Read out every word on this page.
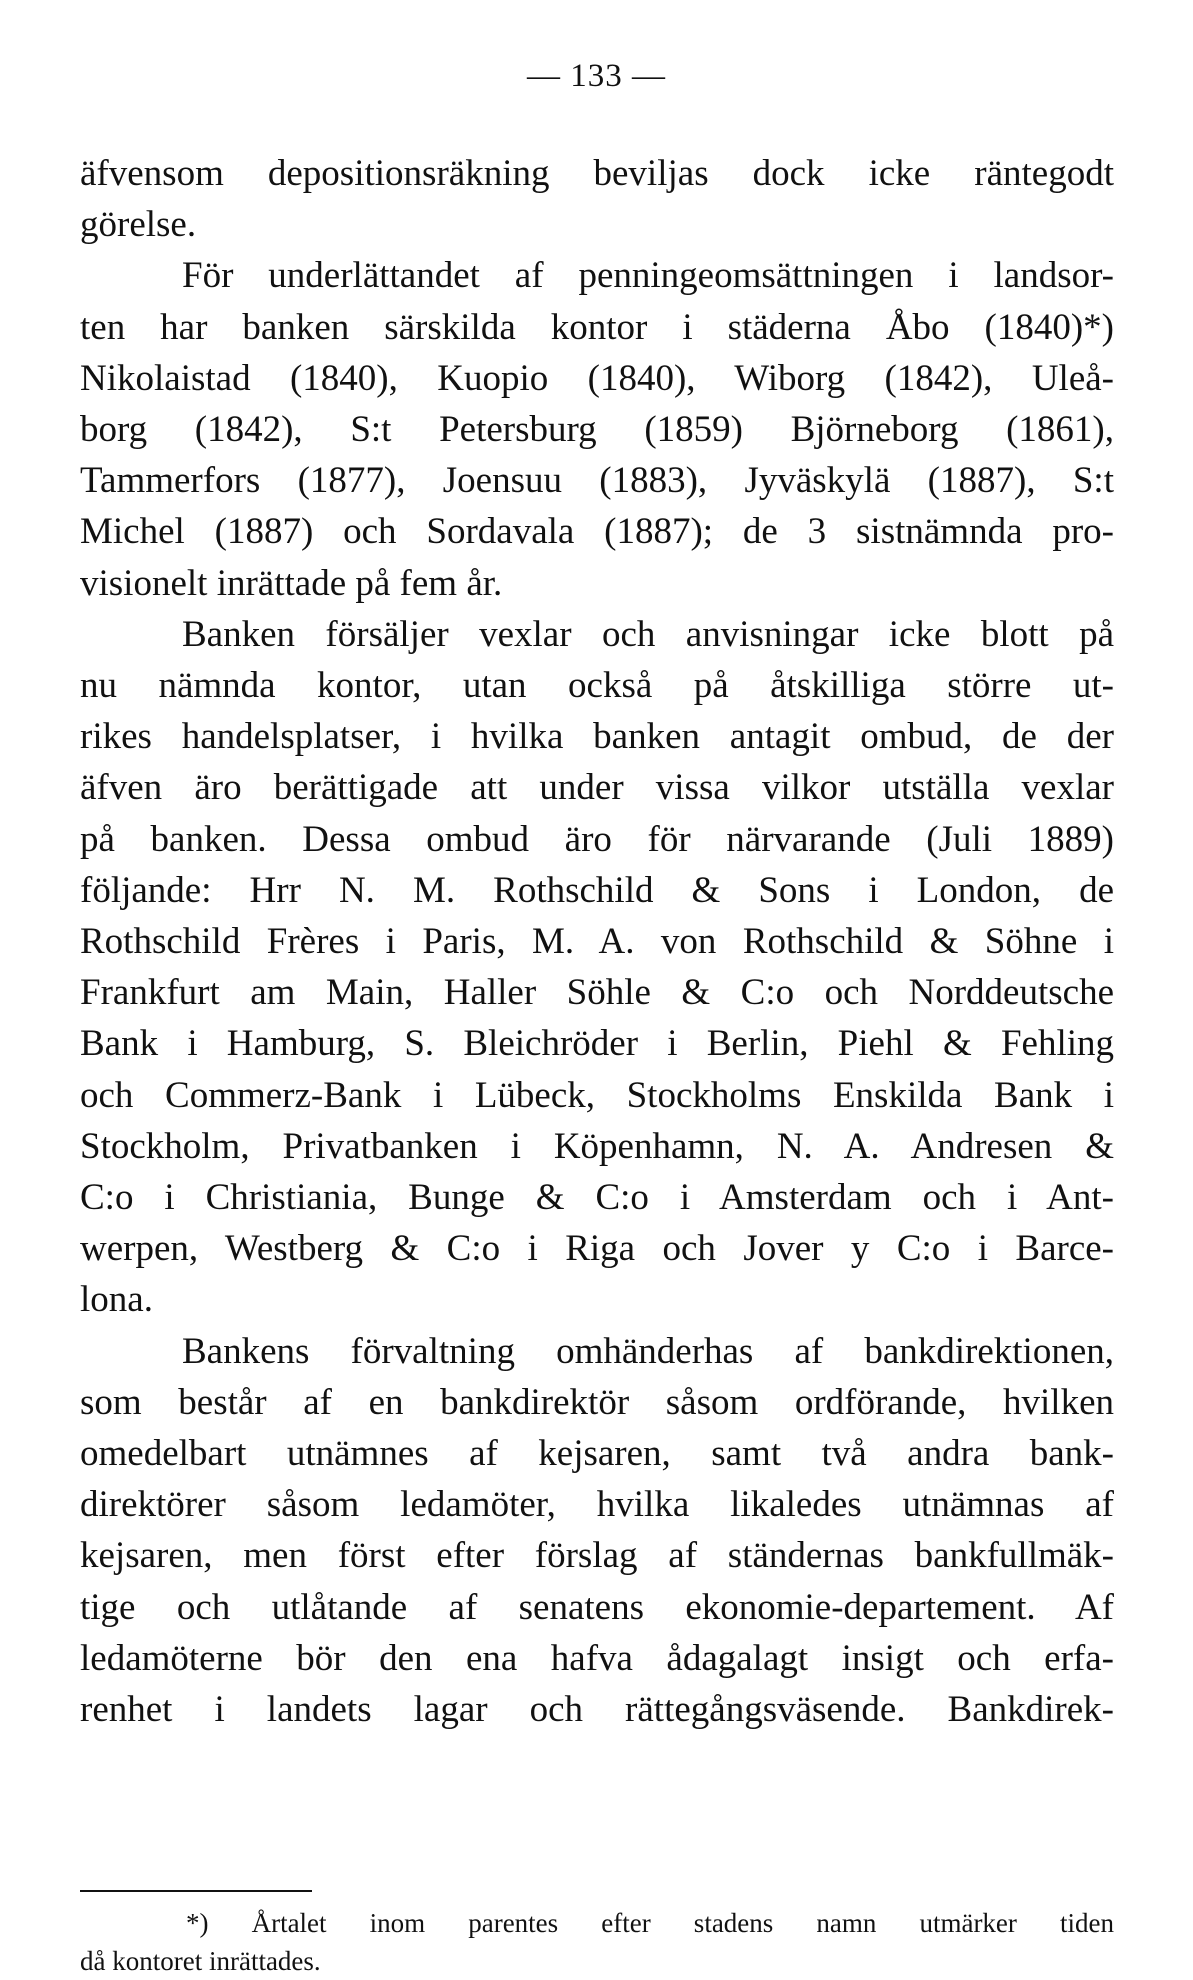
— 133 —
äfvensom depositionsräkning beviljas dock icke räntegodt
görelse.
För underlättandet af penningeomsättningen i landsor-
ten har banken särskilda kontor i städerna Åbo (1840)*)
Nikolaistad (1840), Kuopio (1840), Wiborg (1842), Uleå-
borg (1842), S:t Petersburg (1859) Björneborg (1861),
Tammerfors (1877), Joensuu (1883), Jyväskylä (1887), S:t
Michel (1887) och Sordavala (1887); de 3 sistnämnda pro-
visionelt inrättade på fem år.
Banken försäljer vexlar och anvisningar icke blott på
nu nämnda kontor, utan också på åtskilliga större ut-
rikes handelsplatser, i hvilka banken antagit ombud, de der
äfven äro berättigade att under vissa vilkor utställa vexlar
på banken. Dessa ombud äro för närvarande (Juli 1889)
följande: Hrr N. M. Rothschild & Sons i London, de
Rothschild Frères i Paris, M. A. von Rothschild & Söhne i
Frankfurt am Main, Haller Söhle & C:o och Norddeutsche
Bank i Hamburg, S. Bleichröder i Berlin, Piehl & Fehling
och Commerz-Bank i Lübeck, Stockholms Enskilda Bank i
Stockholm, Privatbanken i Köpenhamn, N. A. Andresen &
C:o i Christiania, Bunge & C:o i Amsterdam och i Ant-
werpen, Westberg & C:o i Riga och Jover y C:o i Barce-
lona.
Bankens förvaltning omhänderhas af bankdirektionen,
som består af en bankdirektör såsom ordförande, hvilken
omedelbart utnämnes af kejsaren, samt två andra bank-
direktörer såsom ledamöter, hvilka likaledes utnämnas af
kejsaren, men först efter förslag af ständernas bankfullmäk-
tige och utlåtande af senatens ekonomie-departement. Af
ledamöterne bör den ena hafva ådagalagt insigt och erfa-
renhet i landets lagar och rättegångsväsende. Bankdirek-
*) Årtalet inom parentes efter stadens namn utmärker tiden
då kontoret inrättades.
